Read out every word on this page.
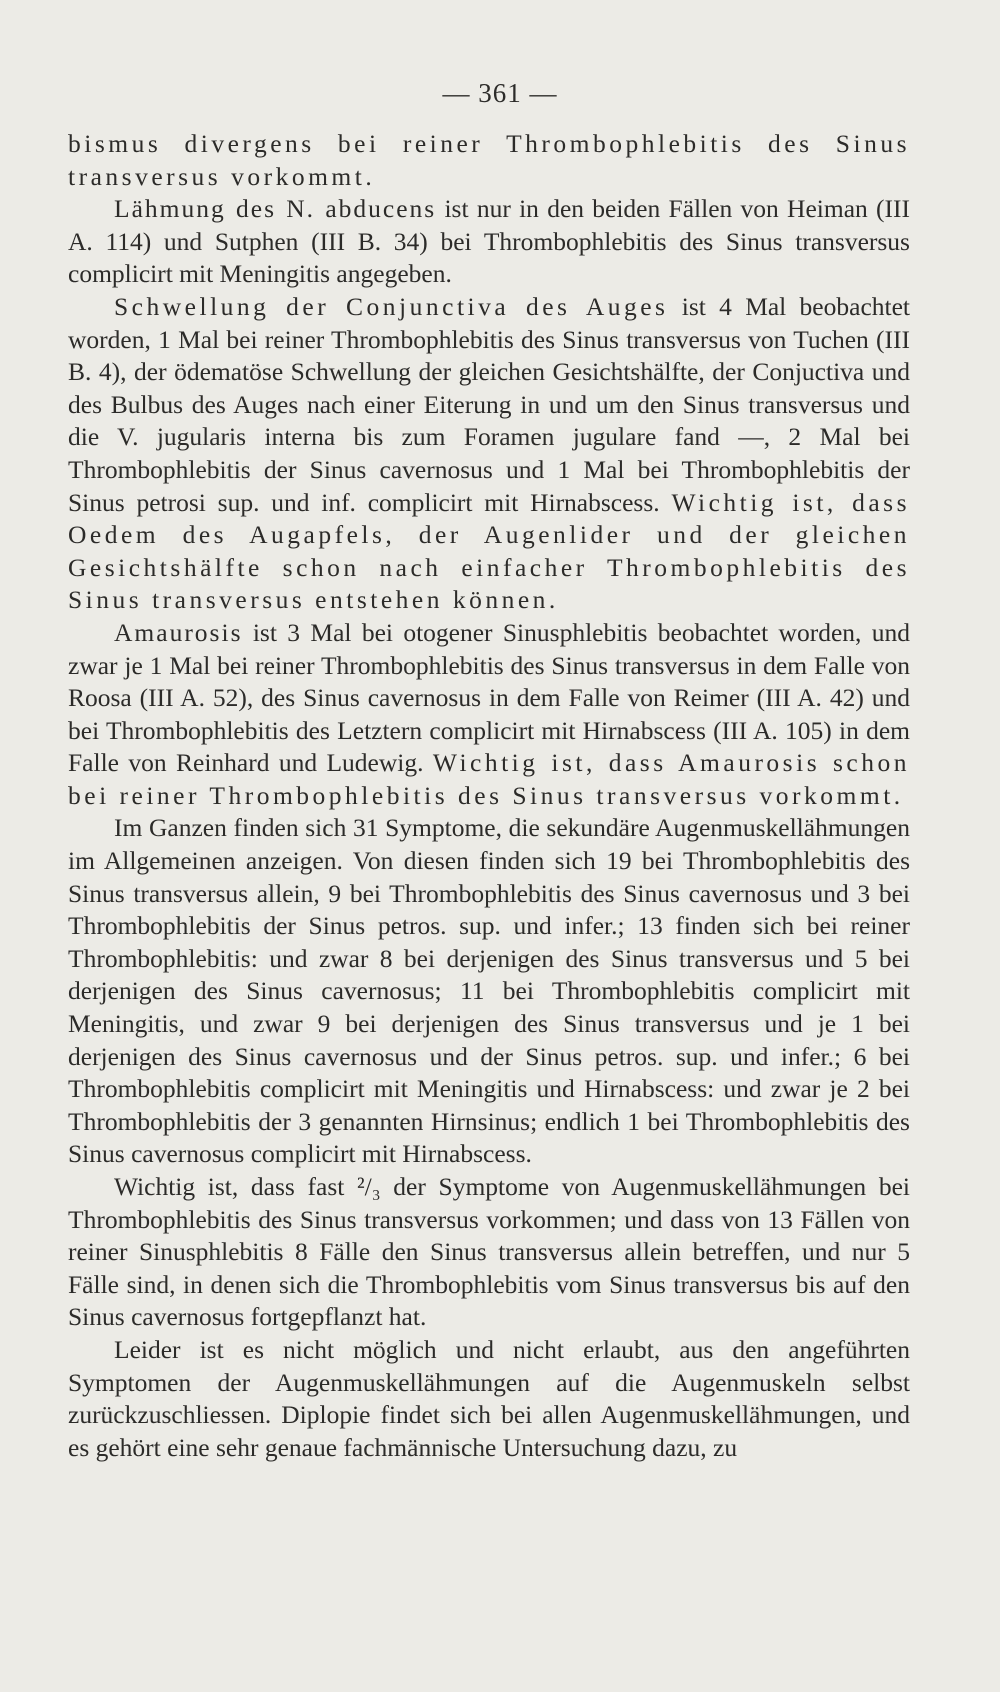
— 361 —

bismus divergens bei reiner Thrombophlebitis des Sinus transversus vorkommt.

Lähmung des N. abducens ist nur in den beiden Fällen von Heiman (III A. 114) und Sutphen (III B. 34) bei Thrombophlebitis des Sinus transversus complicirt mit Meningitis angegeben.

Schwellung der Conjunctiva des Auges ist 4 Mal beobachtet worden, 1 Mal bei reiner Thrombophlebitis des Sinus transversus von Tuchen (III B. 4), der ödematöse Schwellung der gleichen Gesichtshälfte, der Conjuctiva und des Bulbus des Auges nach einer Eiterung in und um den Sinus transversus und die V. jugularis interna bis zum Foramen jugulare fand —, 2 Mal bei Thrombophlebitis der Sinus cavernosus und 1 Mal bei Thrombophlebitis der Sinus petrosi sup. und inf. complicirt mit Hirnabscess. Wichtig ist, dass Oedem des Augapfels, der Augenlider und der gleichen Gesichtshälfte schon nach einfacher Thrombophlebitis des Sinus transversus entstehen können.

Amaurosis ist 3 Mal bei otogener Sinusphlebitis beobachtet worden, und zwar je 1 Mal bei reiner Thrombophlebitis des Sinus transversus in dem Falle von Roosa (III A. 52), des Sinus cavernosus in dem Falle von Reimer (III A. 42) und bei Thrombophlebitis des Letztern complicirt mit Hirnabscess (III A. 105) in dem Falle von Reinhard und Ludewig. Wichtig ist, dass Amaurosis schon bei reiner Thrombophlebitis des Sinus transversus vorkommt.

Im Ganzen finden sich 31 Symptome, die sekundäre Augenmuskellähmungen im Allgemeinen anzeigen. Von diesen finden sich 19 bei Thrombophlebitis des Sinus transversus allein, 9 bei Thrombophlebitis des Sinus cavernosus und 3 bei Thrombophlebitis der Sinus petros. sup. und infer.; 13 finden sich bei reiner Thrombophlebitis: und zwar 8 bei derjenigen des Sinus transversus und 5 bei derjenigen des Sinus cavernosus; 11 bei Thrombophlebitis complicirt mit Meningitis, und zwar 9 bei derjenigen des Sinus transversus und je 1 bei derjenigen des Sinus cavernosus und der Sinus petros. sup. und infer.; 6 bei Thrombophlebitis complicirt mit Meningitis und Hirnabscess: und zwar je 2 bei Thrombophlebitis der 3 genannten Hirnsinus; endlich 1 bei Thrombophlebitis des Sinus cavernosus complicirt mit Hirnabscess.

Wichtig ist, dass fast ²/₃ der Symptome von Augenmuskellähmungen bei Thrombophlebitis des Sinus transversus vorkommen; und dass von 13 Fällen von reiner Sinusphlebitis 8 Fälle den Sinus transversus allein betreffen, und nur 5 Fälle sind, in denen sich die Thrombophlebitis vom Sinus transversus bis auf den Sinus cavernosus fortgepflanzt hat.

Leider ist es nicht möglich und nicht erlaubt, aus den angeführten Symptomen der Augenmuskellähmungen auf die Augenmuskeln selbst zurückzuschliessen. Diplopie findet sich bei allen Augenmuskellähmungen, und es gehört eine sehr genaue fachmännische Untersuchung dazu, zu
